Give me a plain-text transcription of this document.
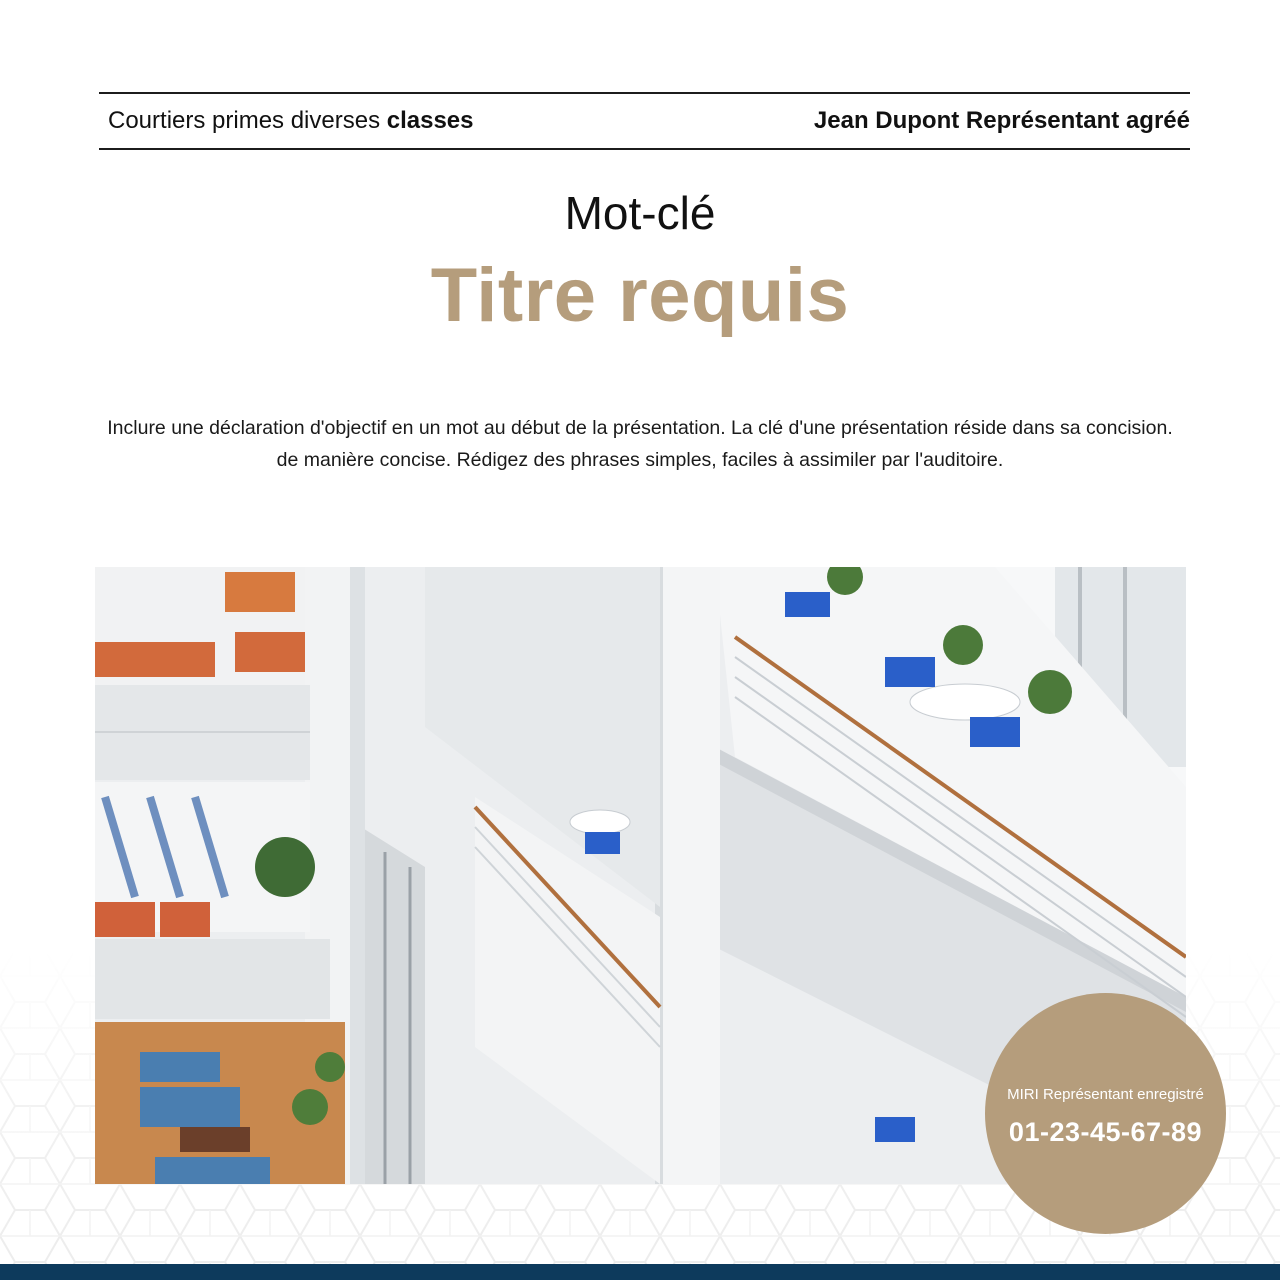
Courtiers primes diverses classes	Jean Dupont Représentant agréé
Mot-clé
Titre requis
Inclure une déclaration d'objectif en un mot au début de la présentation. La clé d'une présentation réside dans sa concision.
de manière concise. Rédigez des phrases simples, faciles à assimiler par l'auditoire.
MIRI Représentant enregistré
01-23-45-67-89
